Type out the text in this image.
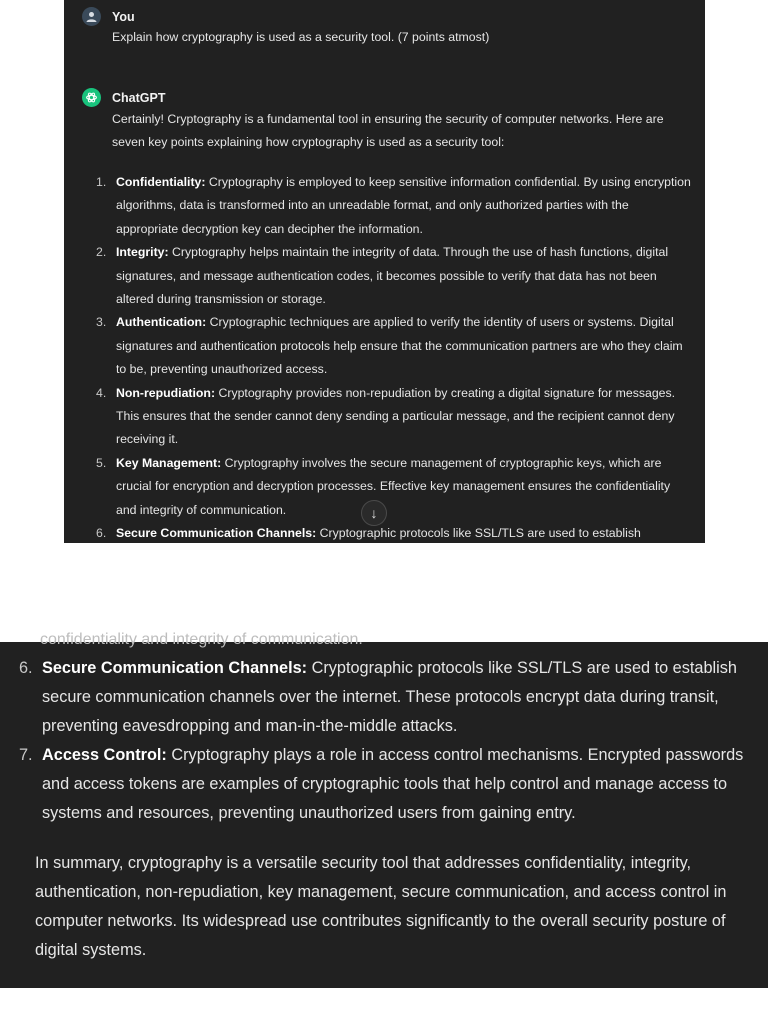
You
Explain how cryptography is used as a security tool. (7 points atmost)
ChatGPT
Certainly! Cryptography is a fundamental tool in ensuring the security of computer networks. Here are seven key points explaining how cryptography is used as a security tool:
1. Confidentiality: Cryptography is employed to keep sensitive information confidential. By using encryption algorithms, data is transformed into an unreadable format, and only authorized parties with the appropriate decryption key can decipher the information.
2. Integrity: Cryptography helps maintain the integrity of data. Through the use of hash functions, digital signatures, and message authentication codes, it becomes possible to verify that data has not been altered during transmission or storage.
3. Authentication: Cryptographic techniques are applied to verify the identity of users or systems. Digital signatures and authentication protocols help ensure that the communication partners are who they claim to be, preventing unauthorized access.
4. Non-repudiation: Cryptography provides non-repudiation by creating a digital signature for messages. This ensures that the sender cannot deny sending a particular message, and the recipient cannot deny receiving it.
5. Key Management: Cryptography involves the secure management of cryptographic keys, which are crucial for encryption and decryption processes. Effective key management ensures the confidentiality and integrity of communication.
6. Secure Communication Channels: Cryptographic protocols like SSL/TLS are used to establish
↓
confidentiality and integrity of communication.
6. Secure Communication Channels: Cryptographic protocols like SSL/TLS are used to establish secure communication channels over the internet. These protocols encrypt data during transit, preventing eavesdropping and man-in-the-middle attacks.
7. Access Control: Cryptography plays a role in access control mechanisms. Encrypted passwords and access tokens are examples of cryptographic tools that help control and manage access to systems and resources, preventing unauthorized users from gaining entry.

In summary, cryptography is a versatile security tool that addresses confidentiality, integrity, authentication, non-repudiation, key management, secure communication, and access control in computer networks. Its widespread use contributes significantly to the overall security posture of digital systems.
